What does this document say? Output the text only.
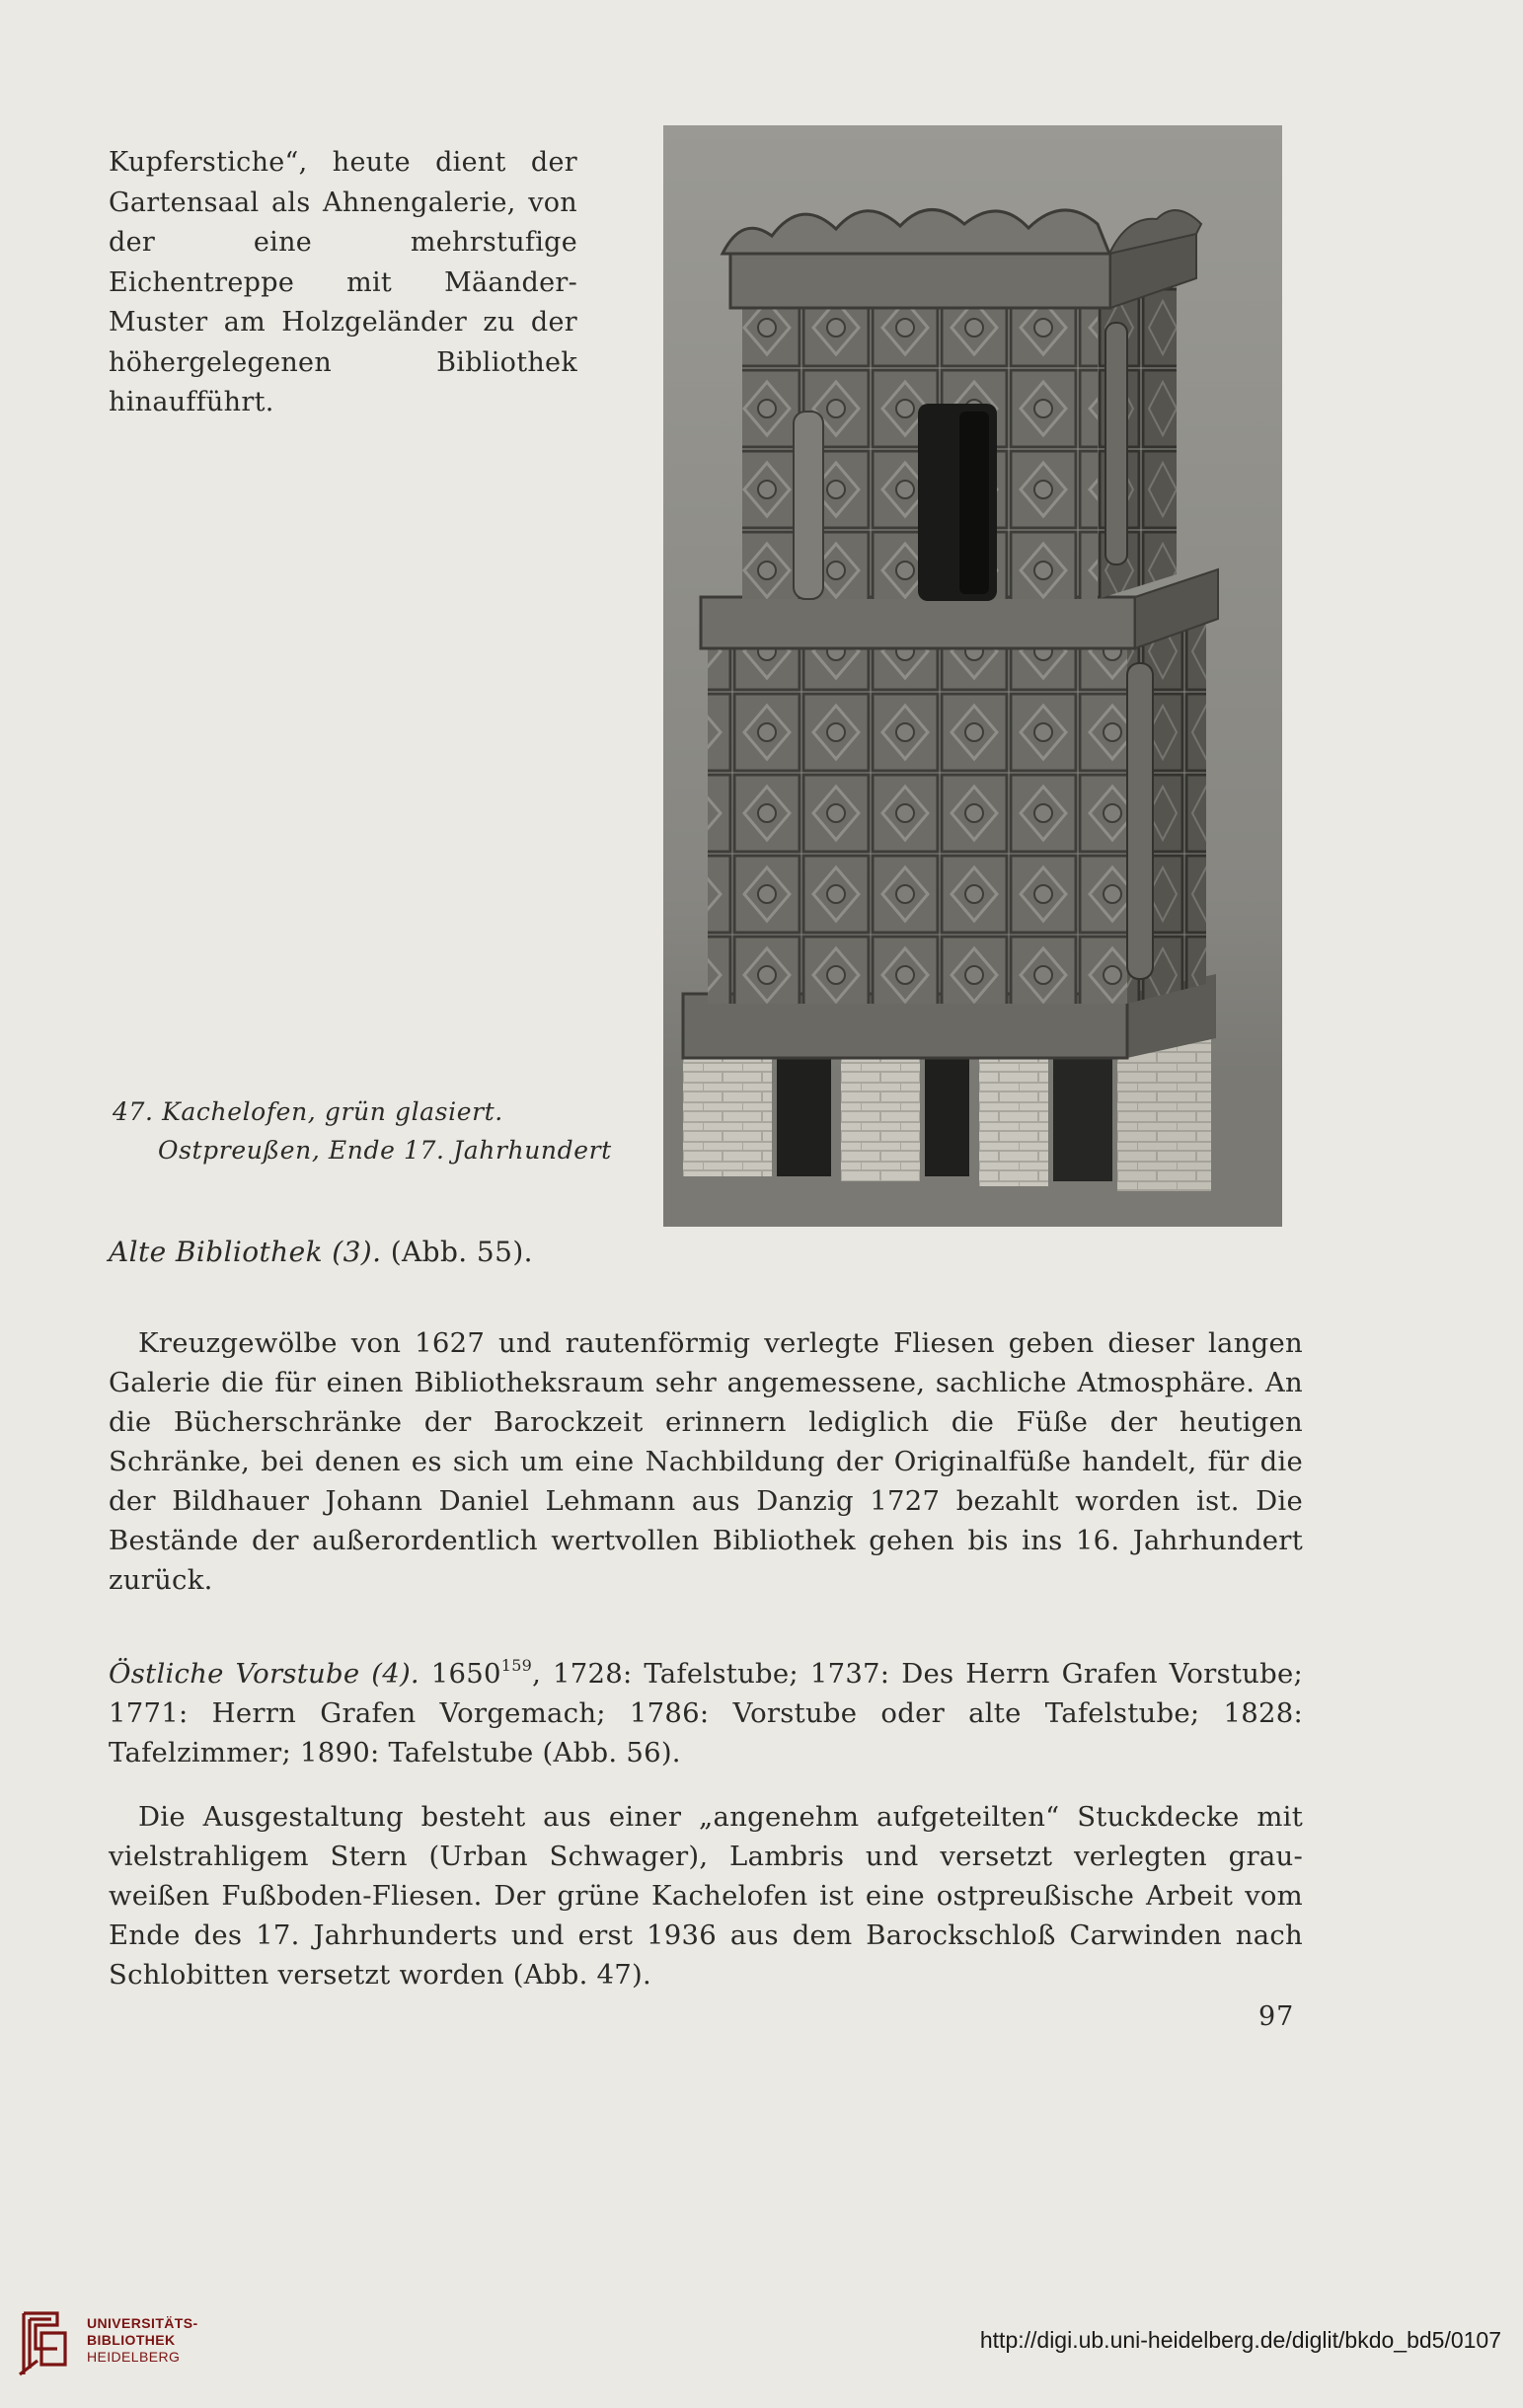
Kupferstiche“, heute dient der Gartensaal als Ahnengalerie, von der eine mehrstufige Eichentreppe mit Mäander-Muster am Holzgeländer zu der höhergelegenen Bibliothek hinaufführt.

47. Kachelofen, grün glasiert.
Ostpreußen, Ende 17. Jahrhundert
Alte Bibliothek (3). (Abb. 55).

Kreuzgewölbe von 1627 und rautenförmig verlegte Fliesen geben dieser langen Galerie die für einen Bibliotheksraum sehr angemessene, sachliche Atmosphäre. An die Bücherschränke der Barockzeit erinnern lediglich die Füße der heutigen Schränke, bei denen es sich um eine Nachbildung der Originalfüße handelt, für die der Bildhauer Johann Daniel Lehmann aus Danzig 1727 bezahlt worden ist. Die Bestände der außerordentlich wertvollen Bibliothek gehen bis ins 16. Jahrhundert zurück.

Östliche Vorstube (4). 1650$^{159}$, 1728: Tafelstube; 1737: Des Herrn Grafen Vorstube; 1771: Herrn Grafen Vorgemach; 1786: Vorstube oder alte Tafelstube; 1828: Tafelzimmer; 1890: Tafelstube (Abb. 56).

Die Ausgestaltung besteht aus einer „angenehm aufgeteilten“ Stuckdecke mit vielstrahligem Stern (Urban Schwager), Lambris und versetzt verlegten grau-weißen Fußboden-Fliesen. Der grüne Kachelofen ist eine ostpreußische Arbeit vom Ende des 17. Jahrhunderts und erst 1936 aus dem Barockschloß Carwinden nach Schlobitten versetzt worden (Abb. 47).

97
UNIVERSITÄTS-
BIBLIOTHEK
HEIDELBERG
http://digi.ub.uni-heidelberg.de/diglit/bkdo_bd5/0107
